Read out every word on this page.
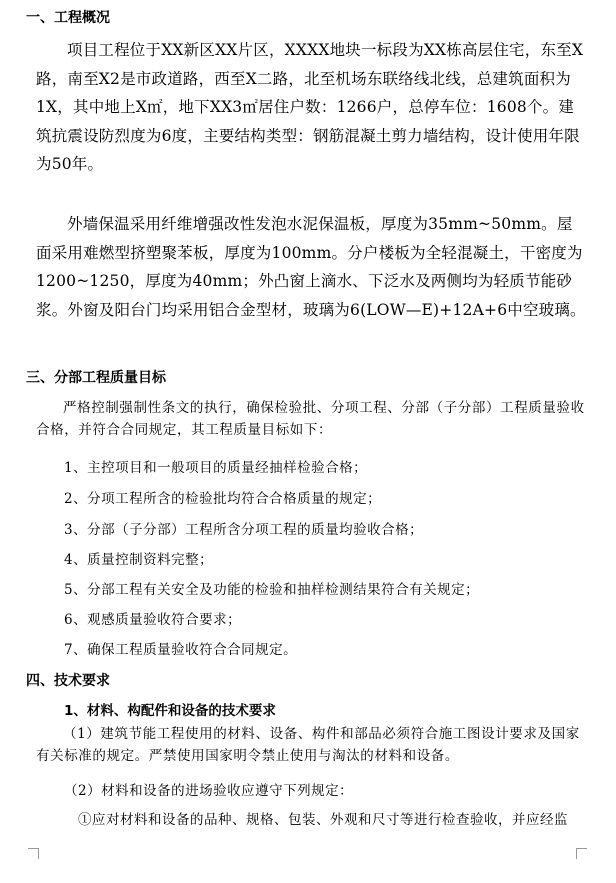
一、工程概况
项目工程位于XX新区XX片区，XXXX地块一标段为XX栋高层住宅，东至X路，南至X2是市政道路，西至X二路，北至机场东联络线北线，总建筑面积为1X，其中地上X㎡，地下XX3㎡居住户数：1266户，总停车位：1608个。建筑抗震设防烈度为6度，主要结构类型：钢筋混凝土剪力墙结构，设计使用年限为50年。
外墙保温采用纤维增强改性发泡水泥保温板，厚度为35mm~50mm。屋面采用难燃型挤塑聚苯板，厚度为100mm。分户楼板为全轻混凝土，干密度为1200~1250，厚度为40mm；外凸窗上滴水、下泛水及两侧均为轻质节能砂浆。外窗及阳台门均采用铝合金型材，玻璃为6(LOW—E)+12A+6中空玻璃。
三、分部工程质量目标
严格控制强制性条文的执行，确保检验批、分项工程、分部（子分部）工程质量验收合格，并符合合同规定，其工程质量目标如下：
1、主控项目和一般项目的质量经抽样检验合格；
2、分项工程所含的检验批均符合合格质量的规定；
3、分部（子分部）工程所含分项工程的质量均验收合格；
4、质量控制资料完整；
5、分部工程有关安全及功能的检验和抽样检测结果符合有关规定；
6、观感质量验收符合要求；
7、确保工程质量验收符合合同规定。
四、技术要求
1、材料、构配件和设备的技术要求
（1）建筑节能工程使用的材料、设备、构件和部品必须符合施工图设计要求及国家有关标准的规定。严禁使用国家明令禁止使用与淘汰的材料和设备。
（2）材料和设备的进场验收应遵守下列规定：
①应对材料和设备的品种、规格、包装、外观和尺寸等进行检查验收，并应经监
